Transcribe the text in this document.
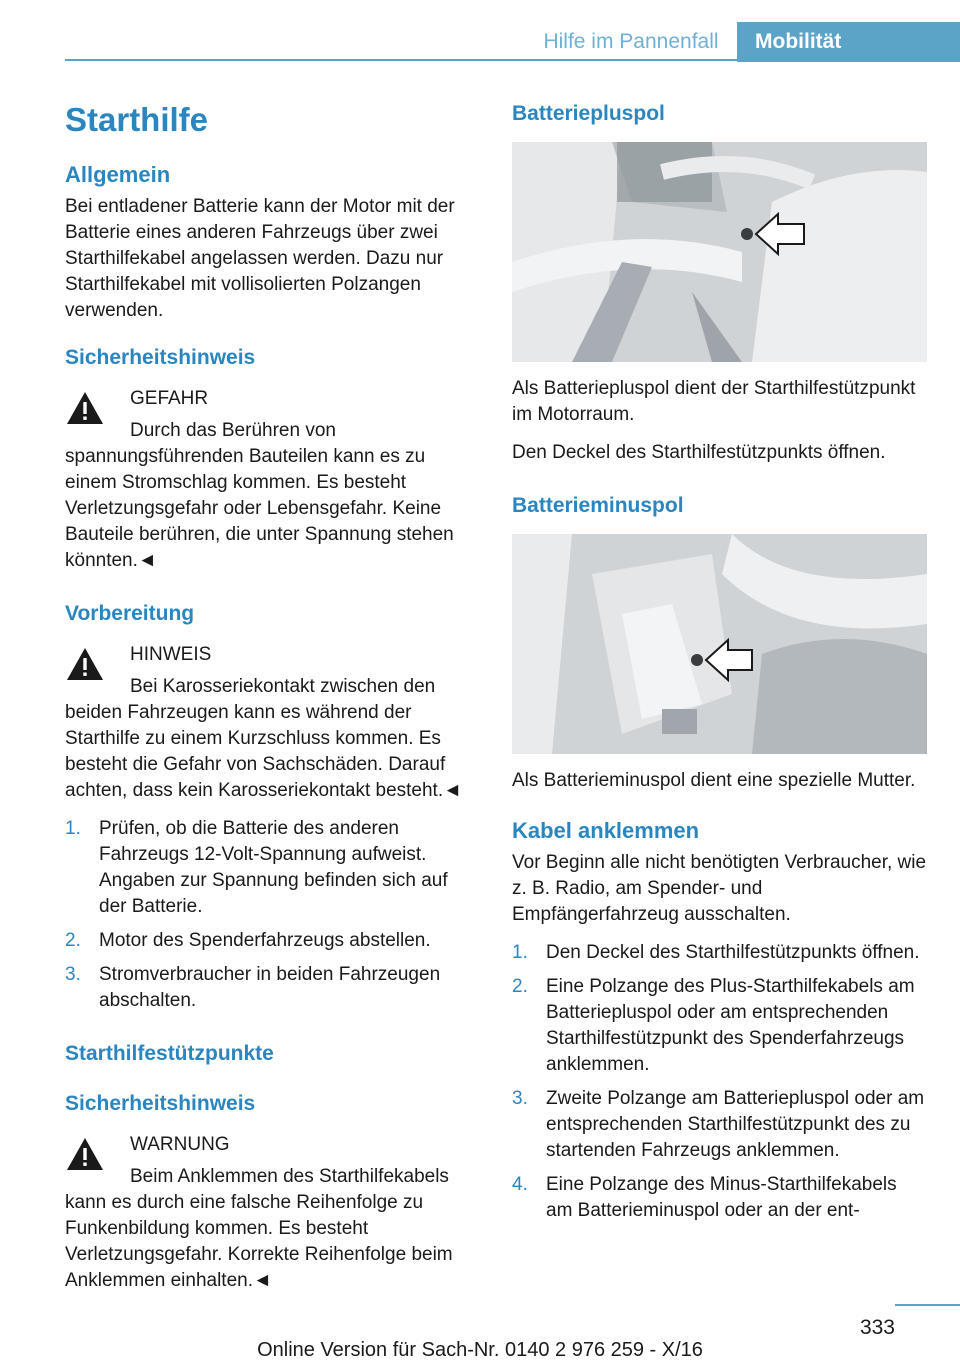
Hilfe im Pannenfall	Mobilität
Starthilfe
Allgemein

Bei entladener Batterie kann der Motor mit der Batterie eines anderen Fahrzeugs über zwei Starthilfekabel angelassen werden. Dazu nur Starthilfekabel mit vollisolierten Polzangen verwenden.

Sicherheitshinweis
GEFAHR

Durch das Berühren von spannungsführenden Bauteilen kann es zu einem Stromschlag kommen. Es besteht Verletzungsgefahr oder Lebensgefahr. Keine Bauteile berühren, die unter Spannung stehen könnten.◄

Vorbereitung
HINWEIS

Bei Karosseriekontakt zwischen den beiden Fahrzeugen kann es während der Starthilfe zu einem Kurzschluss kommen. Es besteht die Gefahr von Sachschäden. Darauf achten, dass kein Karosseriekontakt besteht.◄

1. Prüfen, ob die Batterie des anderen Fahrzeugs 12-Volt-Spannung aufweist. Angaben zur Spannung befinden sich auf der Batterie.
2. Motor des Spenderfahrzeugs abstellen.
3. Stromverbraucher in beiden Fahrzeugen abschalten.
Starthilfestützpunkte
Sicherheitshinweis
WARNUNG

Beim Anklemmen des Starthilfekabels kann es durch eine falsche Reihenfolge zu Funkenbildung kommen. Es besteht Verletzungsgefahr. Korrekte Reihenfolge beim Anklemmen einhalten.◄

Batteriepluspol

Als Batteriepluspol dient der Starthilfestützpunkt im Motorraum.

Den Deckel des Starthilfestützpunkts öffnen.

Batterieminuspol

Als Batterieminuspol dient eine spezielle Mutter.

Kabel anklemmen

Vor Beginn alle nicht benötigten Verbraucher, wie z. B. Radio, am Spender- und Empfängerfahrzeug ausschalten.

1. Den Deckel des Starthilfestützpunkts öffnen.
2. Eine Polzange des Plus-Starthilfekabels am Batteriepluspol oder am entsprechenden Starthilfestützpunkt des Spenderfahrzeugs anklemmen.
3. Zweite Polzange am Batteriepluspol oder am entsprechenden Starthilfestützpunkt des zu startenden Fahrzeugs anklemmen.
4. Eine Polzange des Minus-Starthilfekabels am Batterieminuspol oder an der ent-
333
Online Version für Sach-Nr. 0140 2 976 259 - X/16
